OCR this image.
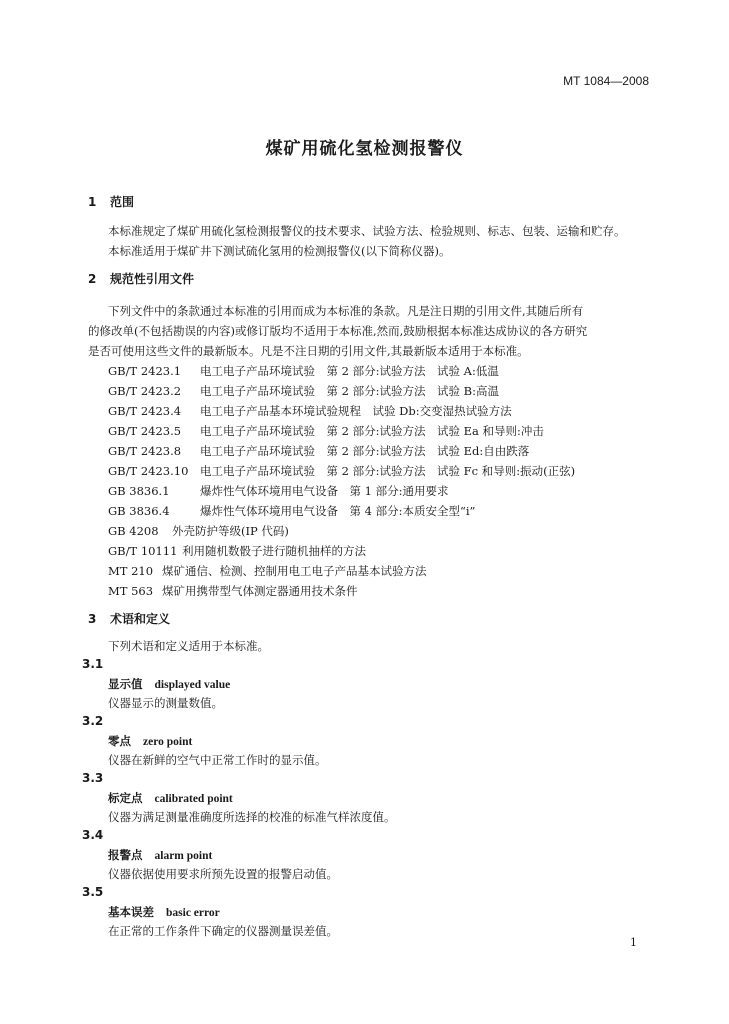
MT 1084—2008
煤矿用硫化氢检测报警仪
1 范围
本标准规定了煤矿用硫化氢检测报警仪的技术要求、试验方法、检验规则、标志、包装、运输和贮存。
本标准适用于煤矿井下测试硫化氢用的检测报警仪(以下简称仪器)。
2 规范性引用文件
下列文件中的条款通过本标准的引用而成为本标准的条款。凡是注日期的引用文件,其随后所有
的修改单(不包括勘误的内容)或修订版均不适用于本标准,然而,鼓励根据本标准达成协议的各方研究
是否可使用这些文件的最新版本。凡是不注日期的引用文件,其最新版本适用于本标准。
GB/T 2423.1 电工电子产品环境试验　第 2 部分:试验方法　试验 A:低温
GB/T 2423.2 电工电子产品环境试验　第 2 部分:试验方法　试验 B:高温
GB/T 2423.4 电工电子产品基本环境试验规程　试验 Db:交变湿热试验方法
GB/T 2423.5 电工电子产品环境试验　第 2 部分:试验方法　试验 Ea 和导则:冲击
GB/T 2423.8 电工电子产品环境试验　第 2 部分:试验方法　试验 Ed:自由跌落
GB/T 2423.10 电工电子产品环境试验　第 2 部分:试验方法　试验 Fc 和导则:振动(正弦)
GB 3836.1	爆炸性气体环境用电气设备　第 1 部分:通用要求
GB 3836.4	爆炸性气体环境用电气设备　第 4 部分:本质安全型“i”
GB 4208 外壳防护等级(IP 代码)
GB/T 10111 利用随机数骰子进行随机抽样的方法
MT 210 煤矿通信、检测、控制用电工电子产品基本试验方法
MT 563 煤矿用携带型气体测定器通用技术条件
3 术语和定义
下列术语和定义适用于本标准。
3.1
显示值 displayed value
仪器显示的测量数值。
3.2
零点 zero point
仪器在新鲜的空气中正常工作时的显示值。
3.3
标定点 calibrated point
仪器为满足测量准确度所选择的校准的标准气样浓度值。
3.4
报警点 alarm point
仪器依据使用要求所预先设置的报警启动值。
3.5
基本误差 basic error
在正常的工作条件下确定的仪器测量误差值。
1
